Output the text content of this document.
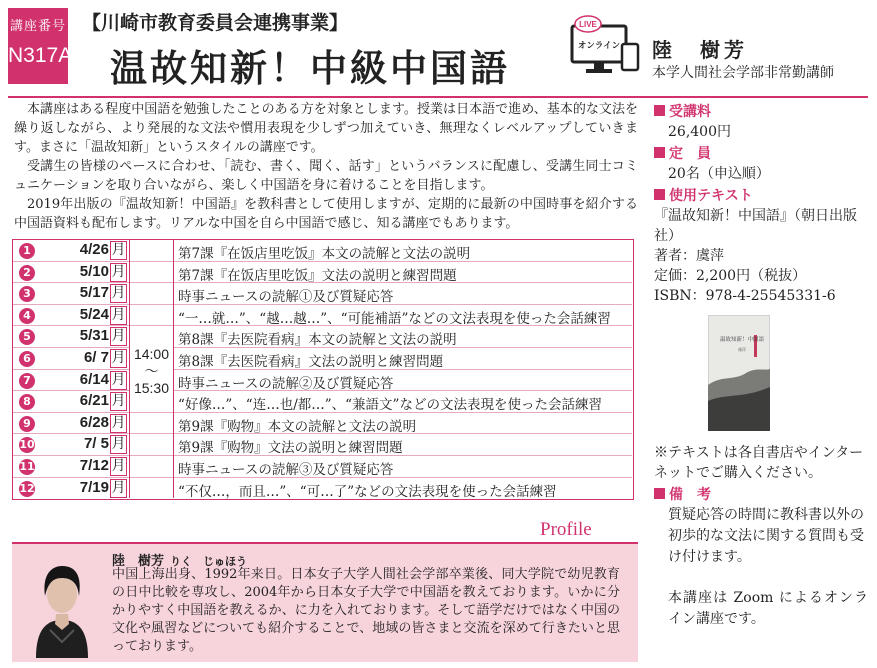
講座番号
N317A
【川崎市教育委員会連携事業】
温故知新！中級中国語
LIVE
オンライン 陸　樹芳
本学人間社会学部非常勤講師

本講座はある程度中国語を勉強したことのある方を対象とします。授業は日本語で進め、基本的な文法を繰り返しながら、より発展的な文法や慣用表現を少しずつ加えていき、無理なくレベルアップしていきます。まさに「温故知新」というスタイルの講座です。

受講生の皆様のペースに合わせ、「読む、書く、聞く、話す」というバランスに配慮し、受講生同士コミュニケーションを取り合いながら、楽しく中国語を身に着けることを目指します。

2019年出版の『温故知新！中国語』を教科書として使用しますが、定期的に最新の中国時事を紹介する中国語資料も配布します。リアルな中国を自ら中国語で感じ、知る講座でもあります。

12	7/19 月	“不仅…，而且…”、“可…了”などの文法表現を使った会話練習
11	7/12 月	時事ニュースの読解③及び質疑応答
10	7/ 5 月	第9課『购物』文法の説明と練習問題
9	6/28 月	第9課『购物』本文の読解と文法の説明
8	6/21 月	“好像…”、“连…也/都…”、“兼語文”などの文法表現を使った会話練習
7	6/14 月	時事ニュースの読解②及び質疑応答
6	6/ 7 月	第8課『去医院看病』文法の説明と練習問題
5	5/31 月	第8課『去医院看病』本文の読解と文法の説明
4	5/24 月	“一…就…”、“越…越…”、“可能補語”などの文法表現を使った会話練習
3	5/17 月	時事ニュースの読解①及び質疑応答
2	5/10 月	第7課『在饭店里吃饭』文法の説明と練習問題
1	4/26 月	第7課『在饭店里吃饭』本文の読解と文法の説明
14:00
〜
15:30
Profile
陸　樹芳 りく　じゅほう
中国上海出身、1992年来日。日本女子大学人間社会学部卒業後、同大学院で幼児教育の日中比較を専攻し、2004年から日本女子大学で中国語を教えております。いかに分かりやすく中国語を教えるか、に力を入れております。そして語学だけではなく中国の文化や風習などについても紹介することで、地域の皆さまと交流を深めて行きたいと思っております。
受講料
26,400円
定　員
20名（申込順）
使用テキスト
『温故知新！中国語』（朝日出版社）
著者：虞萍
定価：2,200円（税抜）
ISBN：978-4-25545331-6
温故知新！中国語
虞萍
※テキストは各自書店やインターネットでご購入ください。
備　考
質疑応答の時間に教科書以外の初歩的な文法に関する質問も受け付けます。
本講座は Zoom によるオンライン講座です。
